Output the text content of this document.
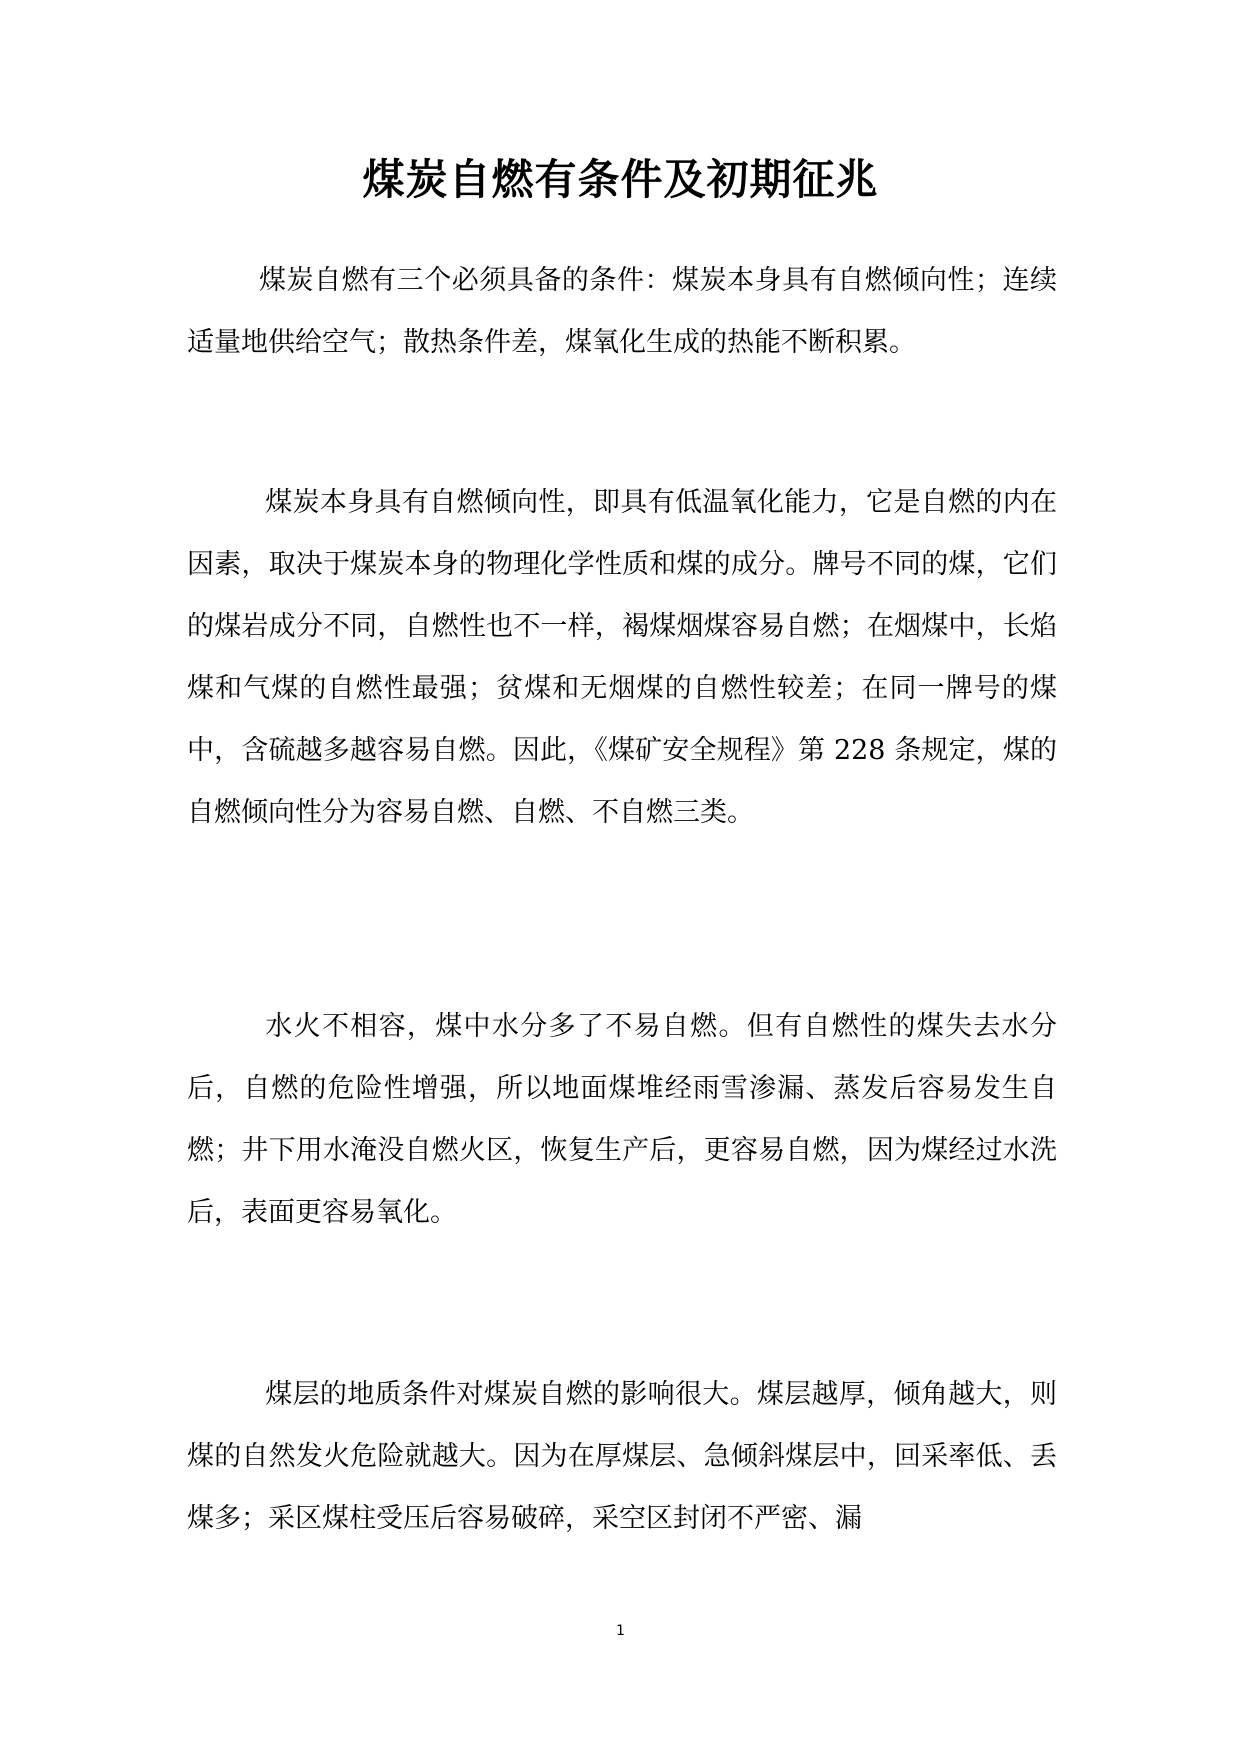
煤炭自燃有条件及初期征兆

煤炭自燃有三个必须具备的条件：煤炭本身具有自燃倾向性；连续适量地供给空气；散热条件差，煤氧化生成的热能不断积累。

煤炭本身具有自燃倾向性，即具有低温氧化能力，它是自燃的内在因素，取决于煤炭本身的物理化学性质和煤的成分。牌号不同的煤，它们的煤岩成分不同，自燃性也不一样，褐煤烟煤容易自燃；在烟煤中，长焰煤和气煤的自燃性最强；贫煤和无烟煤的自燃性较差；在同一牌号的煤中，含硫越多越容易自燃。因此，《煤矿安全规程》第 228 条规定，煤的自燃倾向性分为容易自燃、自燃、不自燃三类。

水火不相容，煤中水分多了不易自燃。但有自燃性的煤失去水分后，自燃的危险性增强，所以地面煤堆经雨雪渗漏、蒸发后容易发生自燃；井下用水淹没自燃火区，恢复生产后，更容易自燃，因为煤经过水洗后，表面更容易氧化。

煤层的地质条件对煤炭自燃的影响很大。煤层越厚，倾角越大，则煤的自然发火危险就越大。因为在厚煤层、急倾斜煤层中，回采率低、丢煤多；采区煤柱受压后容易破碎，采空区封闭不严密、漏

1
